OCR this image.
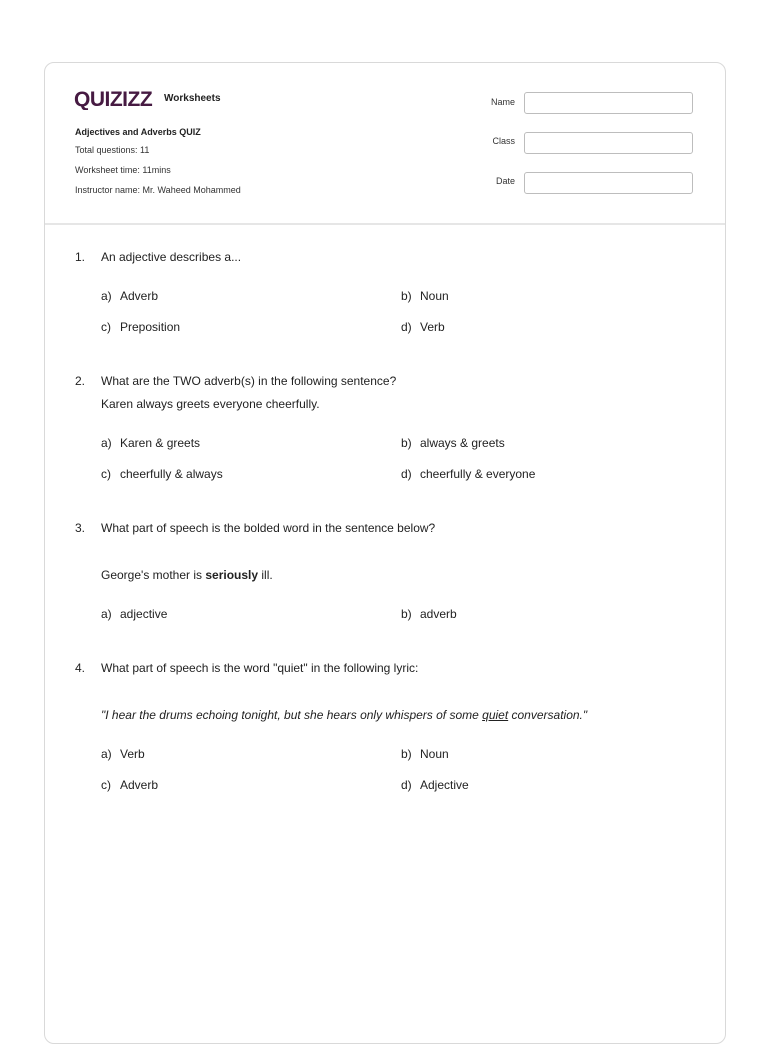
QUIZIZZ Worksheets
Adjectives and Adverbs QUIZ
Total questions: 11
Worksheet time: 11mins
Instructor name: Mr. Waheed Mohammed
Name
Class
Date
1. An adjective describes a...
a) Adverb	b) Noun
c) Preposition	d) Verb
2. What are the TWO adverb(s) in the following sentence?
Karen always greets everyone cheerfully.
a) Karen & greets	b) always & greets
c) cheerfully & always	d) cheerfully & everyone
3. What part of speech is the bolded word in the sentence below?
George's mother is seriously ill.
a) adjective	b) adverb
4. What part of speech is the word "quiet" in the following lyric:
"I hear the drums echoing tonight, but she hears only whispers of some quiet conversation."
a) Verb	b) Noun
c) Adverb	d) Adjective
